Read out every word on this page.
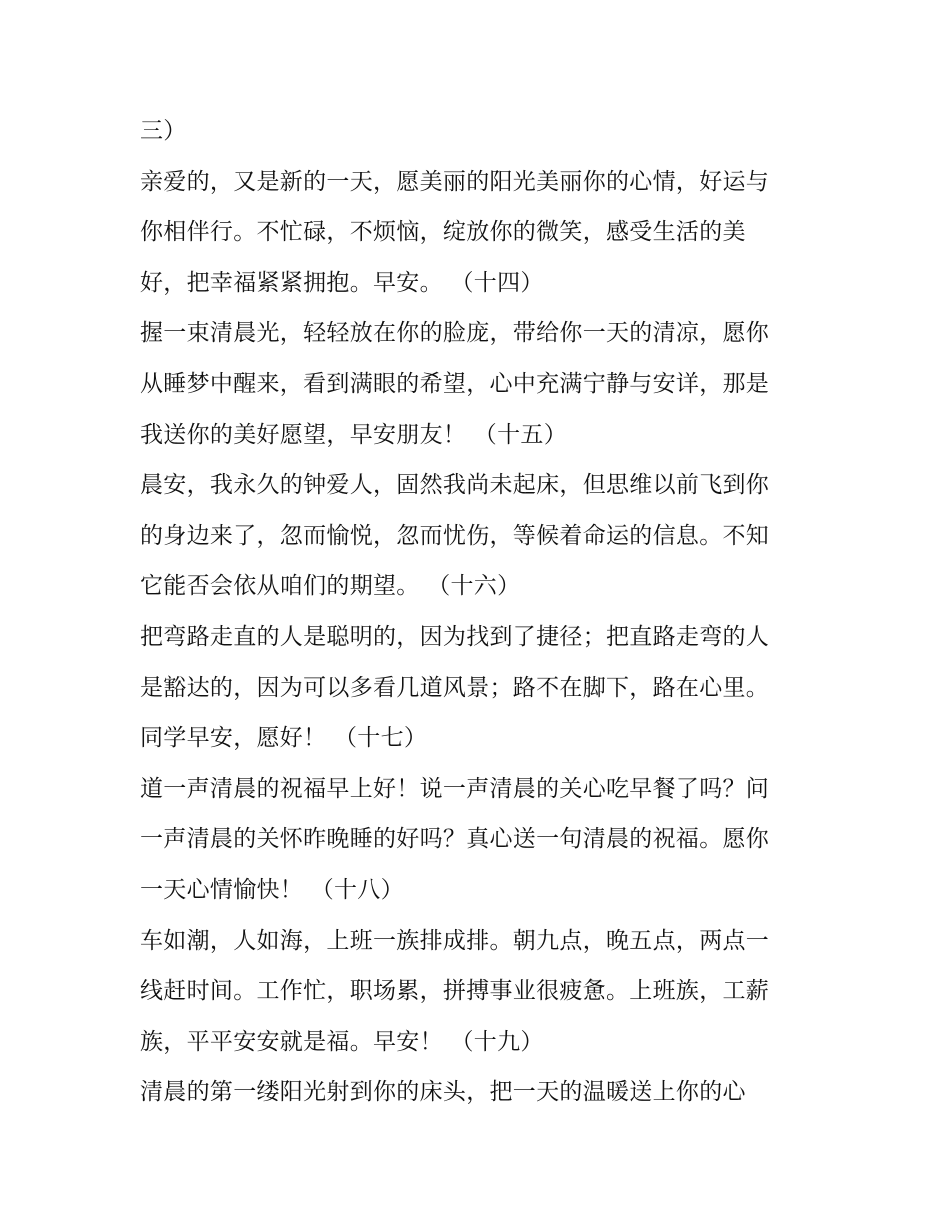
三）
亲爱的，又是新的一天，愿美丽的阳光美丽你的心情，好运与
你相伴行。不忙碌，不烦恼，绽放你的微笑，感受生活的美
好，把幸福紧紧拥抱。早安。 （十四）
握一束清晨光，轻轻放在你的脸庞，带给你一天的清凉，愿你
从睡梦中醒来，看到满眼的希望，心中充满宁静与安详，那是
我送你的美好愿望，早安朋友！ （十五）
晨安，我永久的钟爱人，固然我尚未起床，但思维以前飞到你
的身边来了，忽而愉悦，忽而忧伤，等候着命运的信息。不知
它能否会依从咱们的期望。 （十六）
把弯路走直的人是聪明的，因为找到了捷径；把直路走弯的人
是豁达的，因为可以多看几道风景；路不在脚下，路在心里。
同学早安，愿好！ （十七）
道一声清晨的祝福早上好！说一声清晨的关心吃早餐了吗？问
一声清晨的关怀昨晚睡的好吗？真心送一句清晨的祝福。愿你
一天心情愉快！ （十八）
车如潮，人如海，上班一族排成排。朝九点，晚五点，两点一
线赶时间。工作忙，职场累，拼搏事业很疲惫。上班族，工薪
族，平平安安就是福。早安！ （十九）
清晨的第一缕阳光射到你的床头，把一天的温暖送上你的心
